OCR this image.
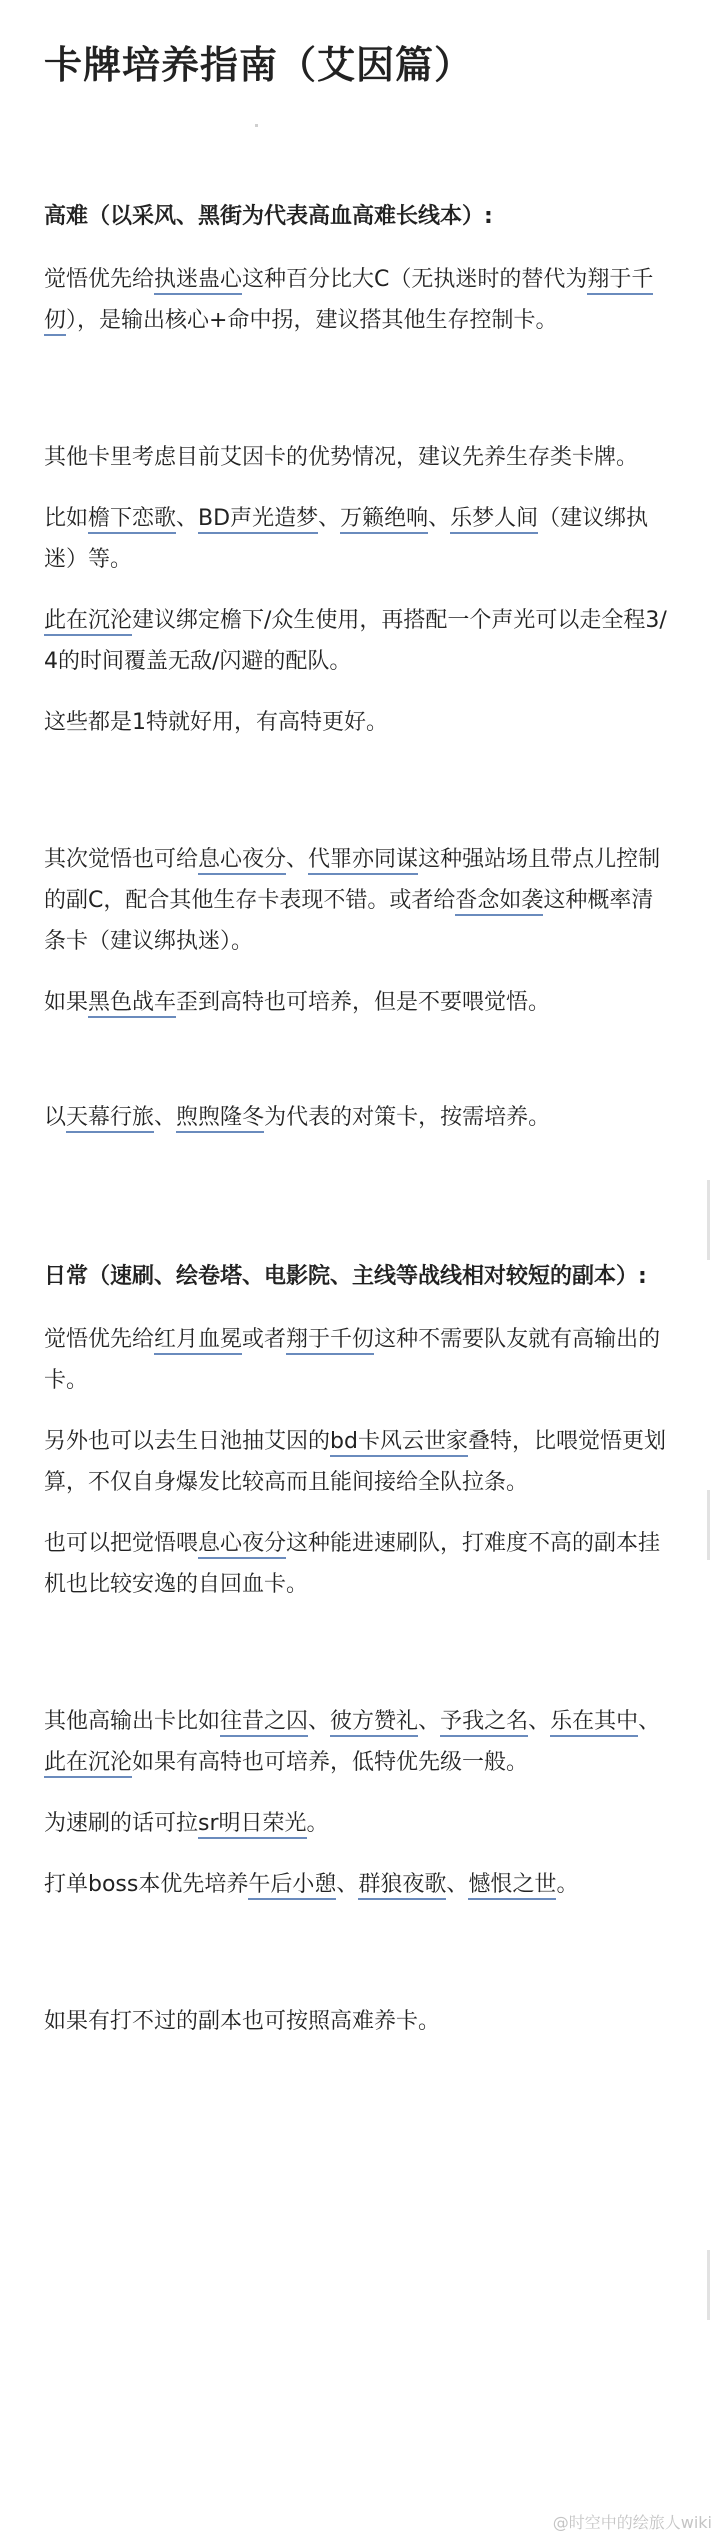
卡牌培养指南（艾因篇）

高难（以采风、黑街为代表高血高难长线本）:

觉悟优先给执迷蛊心这种百分比大C（无执迷时的替代为翔于千仞），是输出核心+命中拐，建议搭其他生存控制卡。

其他卡里考虑目前艾因卡的优势情况，建议先养生存类卡牌。

比如檐下恋歌、BD声光造梦、万籁绝响、乐梦人间（建议绑执迷）等。

此在沉沦建议绑定檐下/众生使用，再搭配一个声光可以走全程3/4的时间覆盖无敌/闪避的配队。

这些都是1特就好用，有高特更好。

其次觉悟也可给息心夜分、代罪亦同谋这种强站场且带点儿控制的副C，配合其他生存卡表现不错。或者给沓念如袭这种概率清条卡（建议绑执迷）。

如果黑色战车歪到高特也可培养，但是不要喂觉悟。

以天幕行旅、煦煦隆冬为代表的对策卡，按需培养。

日常（速刷、绘卷塔、电影院、主线等战线相对较短的副本）:

觉悟优先给红月血冕或者翔于千仞这种不需要队友就有高输出的卡。

另外也可以去生日池抽艾因的bd卡风云世家叠特，比喂觉悟更划算，不仅自身爆发比较高而且能间接给全队拉条。

也可以把觉悟喂息心夜分这种能进速刷队，打难度不高的副本挂机也比较安逸的自回血卡。

其他高输出卡比如往昔之囚、彼方赞礼、予我之名、乐在其中、此在沉沦如果有高特也可培养，低特优先级一般。

为速刷的话可拉sr明日荣光。

打单boss本优先培养午后小憩、群狼夜歌、憾恨之世。

如果有打不过的副本也可按照高难养卡。

@时空中的绘旅人wiki
